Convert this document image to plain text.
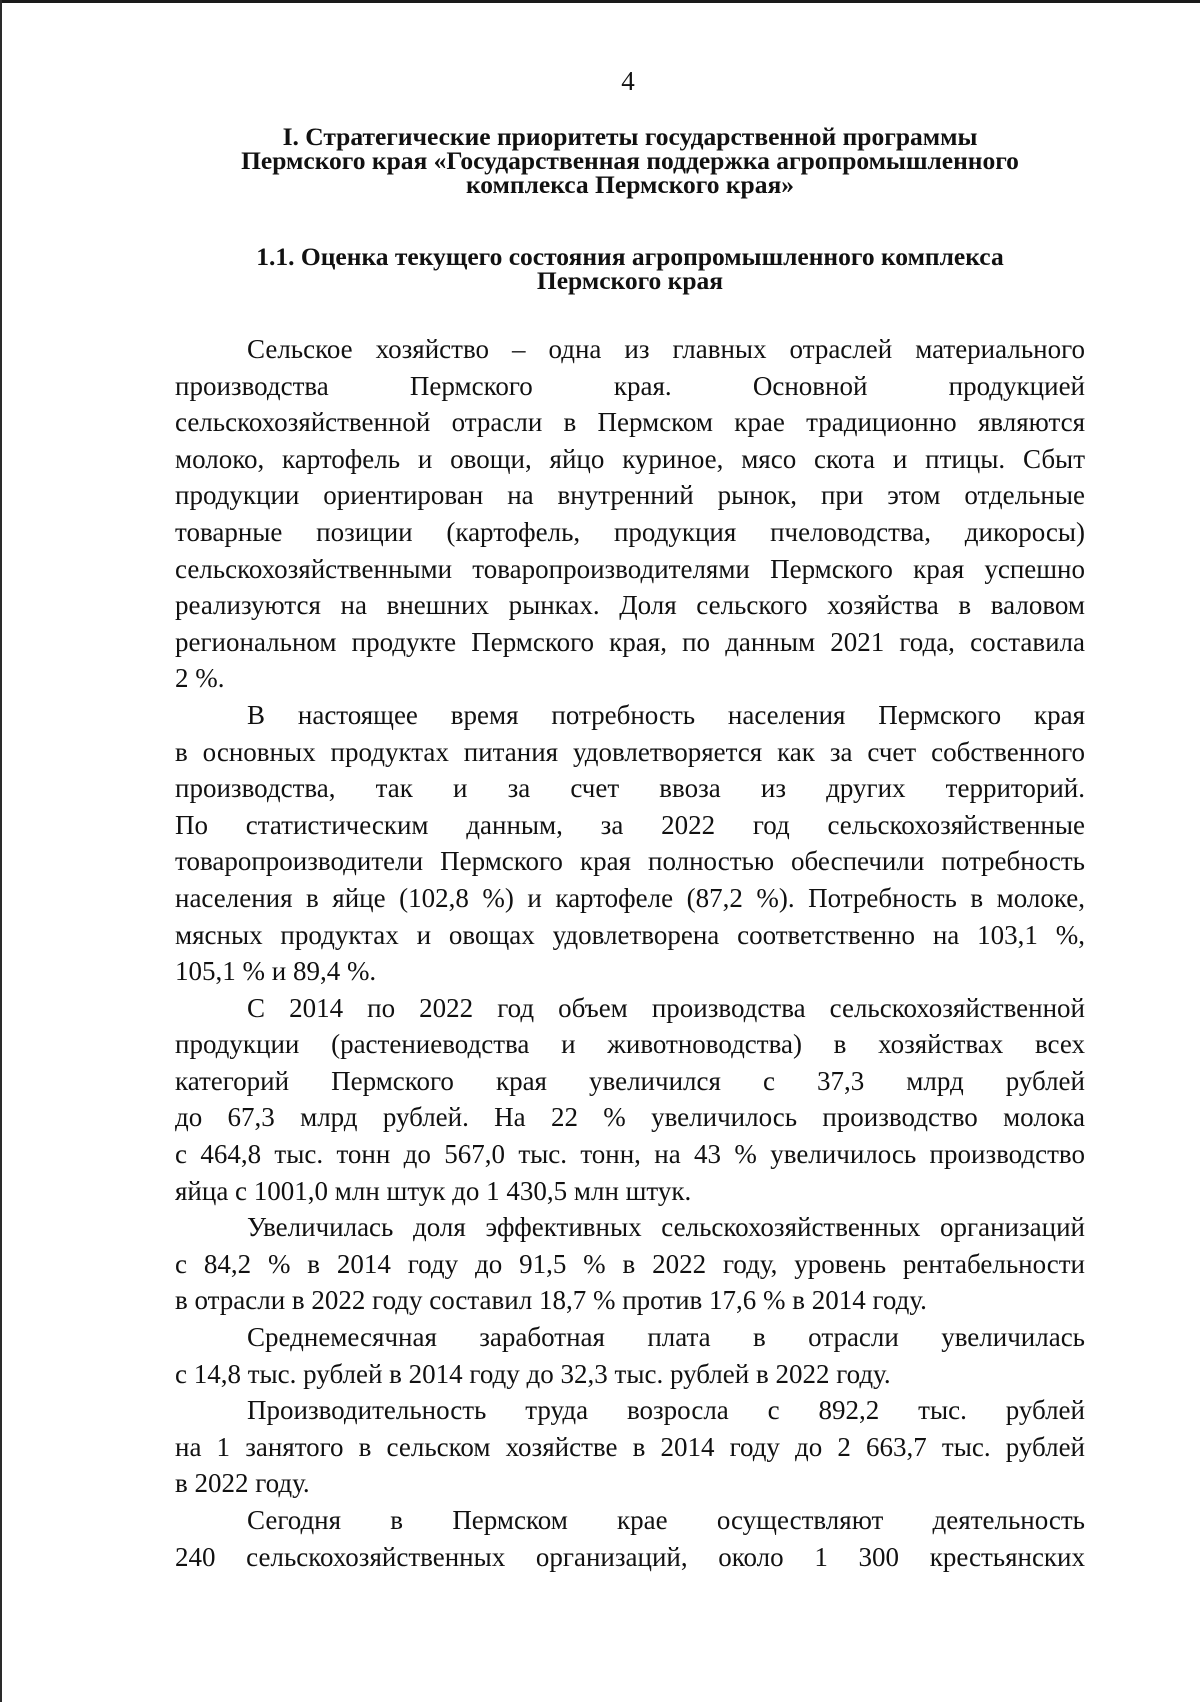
4
I. Стратегические приоритеты государственной программы
Пермского края «Государственная поддержка агропромышленного
комплекса Пермского края»
1.1. Оценка текущего состояния агропромышленного комплекса
Пермского края
Сельское хозяйство – одна из главных отраслей материального
производства Пермского края. Основной продукцией
сельскохозяйственной отрасли в Пермском крае традиционно являются
молоко, картофель и овощи, яйцо куриное, мясо скота и птицы. Сбыт
продукции ориентирован на внутренний рынок, при этом отдельные
товарные позиции (картофель, продукция пчеловодства, дикоросы)
сельскохозяйственными товаропроизводителями Пермского края успешно
реализуются на внешних рынках. Доля сельского хозяйства в валовом
региональном продукте Пермского края, по данным 2021 года, составила
2 %.
В настоящее время потребность населения Пермского края
в основных продуктах питания удовлетворяется как за счет собственного
производства, так и за счет ввоза из других территорий.
По статистическим данным, за 2022 год сельскохозяйственные
товаропроизводители Пермского края полностью обеспечили потребность
населения в яйце (102,8 %) и картофеле (87,2 %). Потребность в молоке,
мясных продуктах и овощах удовлетворена соответственно на 103,1 %,
105,1 % и 89,4 %.
С 2014 по 2022 год объем производства сельскохозяйственной
продукции (растениеводства и животноводства) в хозяйствах всех
категорий Пермского края увеличился с 37,3 млрд рублей
до 67,3 млрд рублей. На 22 % увеличилось производство молока
с 464,8 тыс. тонн до 567,0 тыс. тонн, на 43 % увеличилось производство
яйца с 1001,0 млн штук до 1 430,5 млн штук.
Увеличилась доля эффективных сельскохозяйственных организаций
с 84,2 % в 2014 году до 91,5 % в 2022 году, уровень рентабельности
в отрасли в 2022 году составил 18,7 % против 17,6 % в 2014 году.
Среднемесячная заработная плата в отрасли увеличилась
с 14,8 тыс. рублей в 2014 году до 32,3 тыс. рублей в 2022 году.
Производительность труда возросла с 892,2 тыс. рублей
на 1 занятого в сельском хозяйстве в 2014 году до 2 663,7 тыс. рублей
в 2022 году.
Сегодня в Пермском крае осуществляют деятельность
240 сельскохозяйственных организаций, около 1 300 крестьянских
